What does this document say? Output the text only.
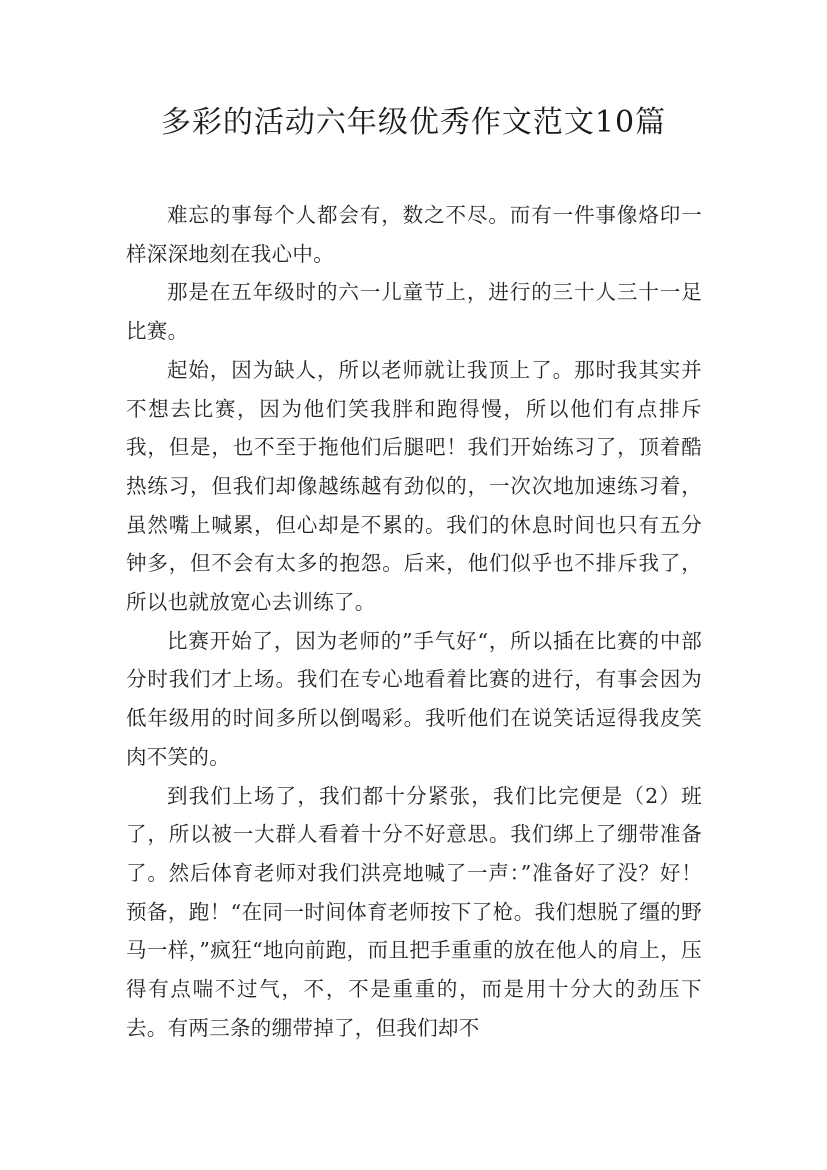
多彩的活动六年级优秀作文范文10篇

难忘的事每个人都会有，数之不尽。而有一件事像烙印一样深深地刻在我心中。

那是在五年级时的六一儿童节上，进行的三十人三十一足比赛。

起始，因为缺人，所以老师就让我顶上了。那时我其实并不想去比赛，因为他们笑我胖和跑得慢，所以他们有点排斥我，但是，也不至于拖他们后腿吧！我们开始练习了，顶着酷热练习，但我们却像越练越有劲似的，一次次地加速练习着，虽然嘴上喊累，但心却是不累的。我们的休息时间也只有五分钟多，但不会有太多的抱怨。后来，他们似乎也不排斥我了，所以也就放宽心去训练了。

比赛开始了，因为老师的”手气好“，所以插在比赛的中部分时我们才上场。我们在专心地看着比赛的进行，有事会因为低年级用的时间多所以倒喝彩。我听他们在说笑话逗得我皮笑肉不笑的。

到我们上场了，我们都十分紧张，我们比完便是（2）班了，所以被一大群人看着十分不好意思。我们绑上了绷带准备了。然后体育老师对我们洪亮地喊了一声：”准备好了没？好！预备，跑！“在同一时间体育老师按下了枪。我们想脱了缰的野马一样，”疯狂“地向前跑，而且把手重重的放在他人的肩上，压得有点喘不过气，不，不是重重的，而是用十分大的劲压下去。有两三条的绷带掉了，但我们却不
